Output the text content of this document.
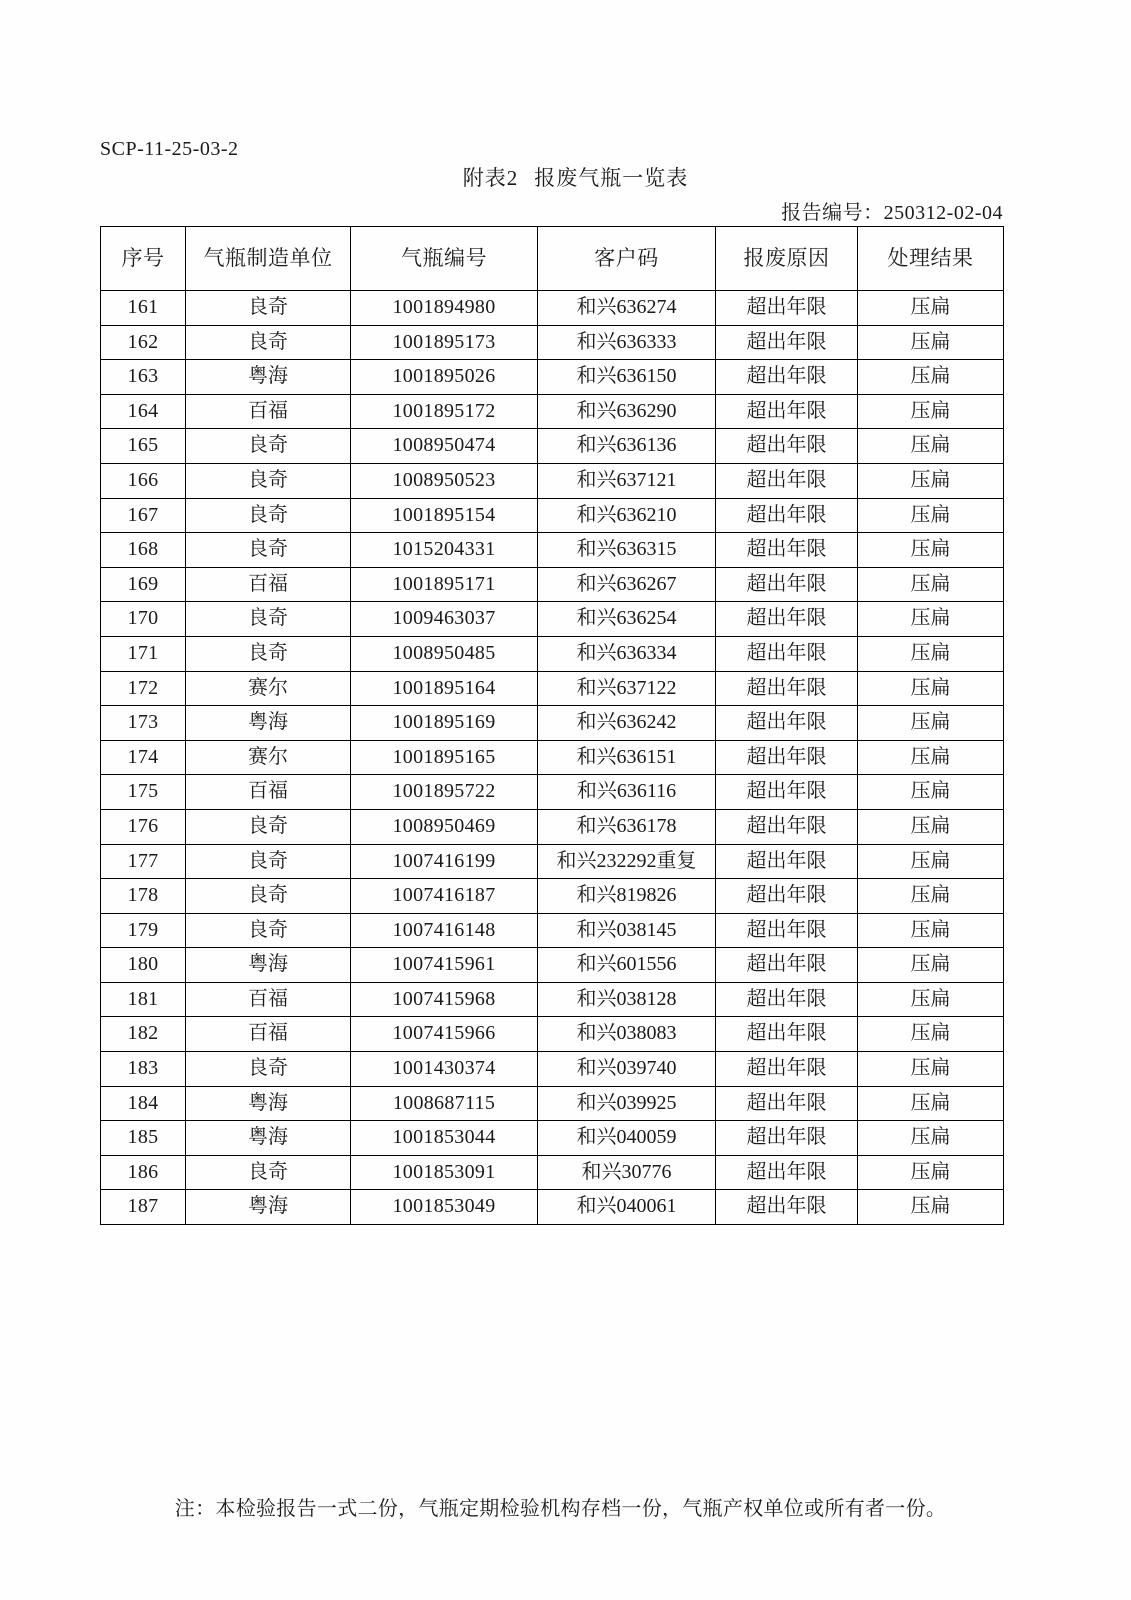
SCP-11-25-03-2
附表2 报废气瓶一览表
报告编号：250312-02-04
序号	气瓶制造单位	气瓶编号	客户码	报废原因	处理结果
161	良奇	1001894980	和兴636274	超出年限	压扁
162	良奇	1001895173	和兴636333	超出年限	压扁
163	粤海	1001895026	和兴636150	超出年限	压扁
164	百福	1001895172	和兴636290	超出年限	压扁
165	良奇	1008950474	和兴636136	超出年限	压扁
166	良奇	1008950523	和兴637121	超出年限	压扁
167	良奇	1001895154	和兴636210	超出年限	压扁
168	良奇	1015204331	和兴636315	超出年限	压扁
169	百福	1001895171	和兴636267	超出年限	压扁
170	良奇	1009463037	和兴636254	超出年限	压扁
171	良奇	1008950485	和兴636334	超出年限	压扁
172	赛尔	1001895164	和兴637122	超出年限	压扁
173	粤海	1001895169	和兴636242	超出年限	压扁
174	赛尔	1001895165	和兴636151	超出年限	压扁
175	百福	1001895722	和兴636116	超出年限	压扁
176	良奇	1008950469	和兴636178	超出年限	压扁
177	良奇	1007416199	和兴232292重复	超出年限	压扁
178	良奇	1007416187	和兴819826	超出年限	压扁
179	良奇	1007416148	和兴038145	超出年限	压扁
180	粤海	1007415961	和兴601556	超出年限	压扁
181	百福	1007415968	和兴038128	超出年限	压扁
182	百福	1007415966	和兴038083	超出年限	压扁
183	良奇	1001430374	和兴039740	超出年限	压扁
184	粤海	1008687115	和兴039925	超出年限	压扁
185	粤海	1001853044	和兴040059	超出年限	压扁
186	良奇	1001853091	和兴30776	超出年限	压扁
187	粤海	1001853049	和兴040061	超出年限	压扁
注：本检验报告一式二份，气瓶定期检验机构存档一份，气瓶产权单位或所有者一份。
